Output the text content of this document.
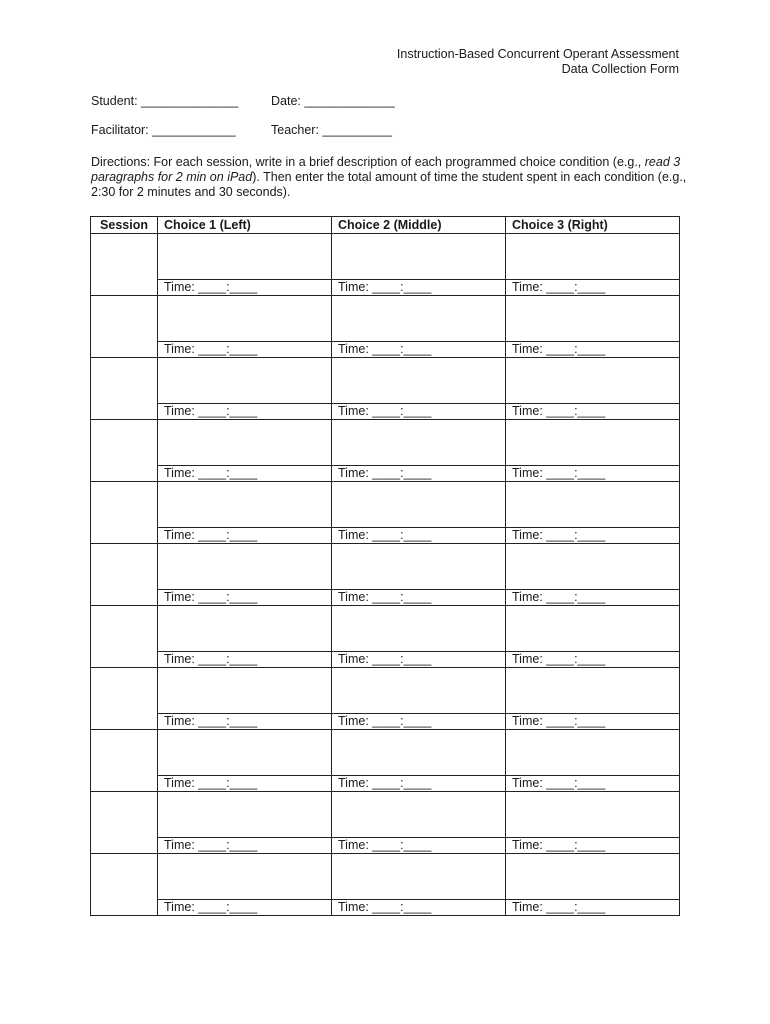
Instruction-Based Concurrent Operant Assessment
Data Collection Form
Student: ______________	Date: _____________
Facilitator: ____________	Teacher: __________
Directions: For each session, write in a brief description of each programmed choice condition (e.g., read 3 paragraphs for 2 min on iPad). Then enter the total amount of time the student spent in each condition (e.g., 2:30 for 2 minutes and 30 seconds).
Session	Choice 1 (Left)	Choice 2 (Middle)	Choice 3 (Right)

	Time: ____:____	Time: ____:____	Time: ____:____

	Time: ____:____	Time: ____:____	Time: ____:____

	Time: ____:____	Time: ____:____	Time: ____:____

	Time: ____:____	Time: ____:____	Time: ____:____

	Time: ____:____	Time: ____:____	Time: ____:____

	Time: ____:____	Time: ____:____	Time: ____:____

	Time: ____:____	Time: ____:____	Time: ____:____

	Time: ____:____	Time: ____:____	Time: ____:____

	Time: ____:____	Time: ____:____	Time: ____:____

	Time: ____:____	Time: ____:____	Time: ____:____

	Time: ____:____	Time: ____:____	Time: ____:____
